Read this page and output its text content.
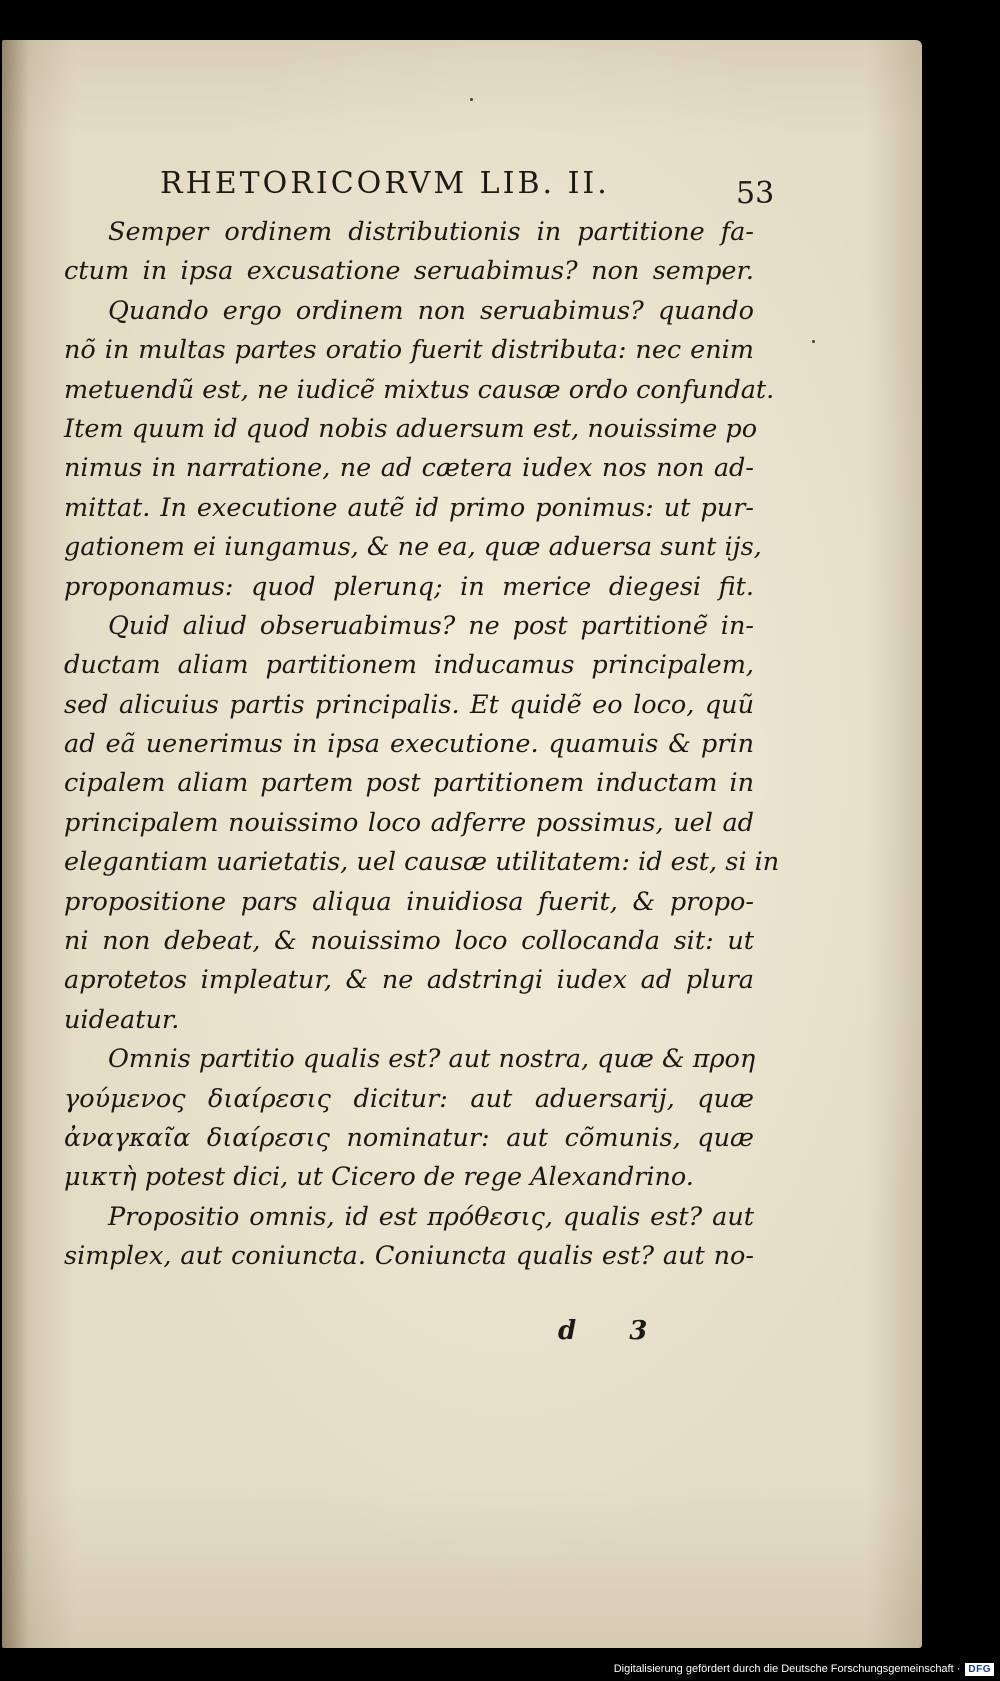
RHETORICORVM LIB. II.	53
Semper ordinem distributionis in partitione fa-
ctum in ipsa excusatione seruabimus? non semper.
Quando ergo ordinem non seruabimus? quando
nõ in multas partes oratio fuerit distributa: nec enim
metuendũ est, ne iudicẽ mixtus causæ ordo confundat.
Item quum id quod nobis aduersum est, nouissime po
nimus in narratione, ne ad cætera iudex nos non ad-
mittat. In executione autẽ id primo ponimus: ut pur-
gationem ei iungamus, & ne ea, quæ aduersa sunt ijs,
proponamus: quod plerunq; in merice diegesi fit.
Quid aliud obseruabimus? ne post partitionẽ in-
ductam aliam partitionem inducamus principalem,
sed alicuius partis principalis. Et quidẽ eo loco, quũ
ad eã uenerimus in ipsa executione. quamuis & prin
cipalem aliam partem post partitionem inductam in
principalem nouissimo loco adferre possimus, uel ad
elegantiam uarietatis, uel causæ utilitatem: id est, si in
propositione pars aliqua inuidiosa fuerit, & propo-
ni non debeat, & nouissimo loco collocanda sit: ut
aprotetos impleatur, & ne adstringi iudex ad plura
uideatur.
Omnis partitio qualis est? aut nostra, quæ & προη
γούμενος διαίρεσις dicitur: aut aduersarij, quæ
ἀναγκαῖα διαίρεσις nominatur: aut cõmunis, quæ
μικτὴ potest dici, ut Cicero de rege Alexandrino.
Propositio omnis, id est πρόθεσις, qualis est? aut
simplex, aut coniuncta. Coniuncta qualis est? aut no-
d 3
Digitalisierung gefördert durch die Deutsche Forschungsgemeinschaft · DFG
